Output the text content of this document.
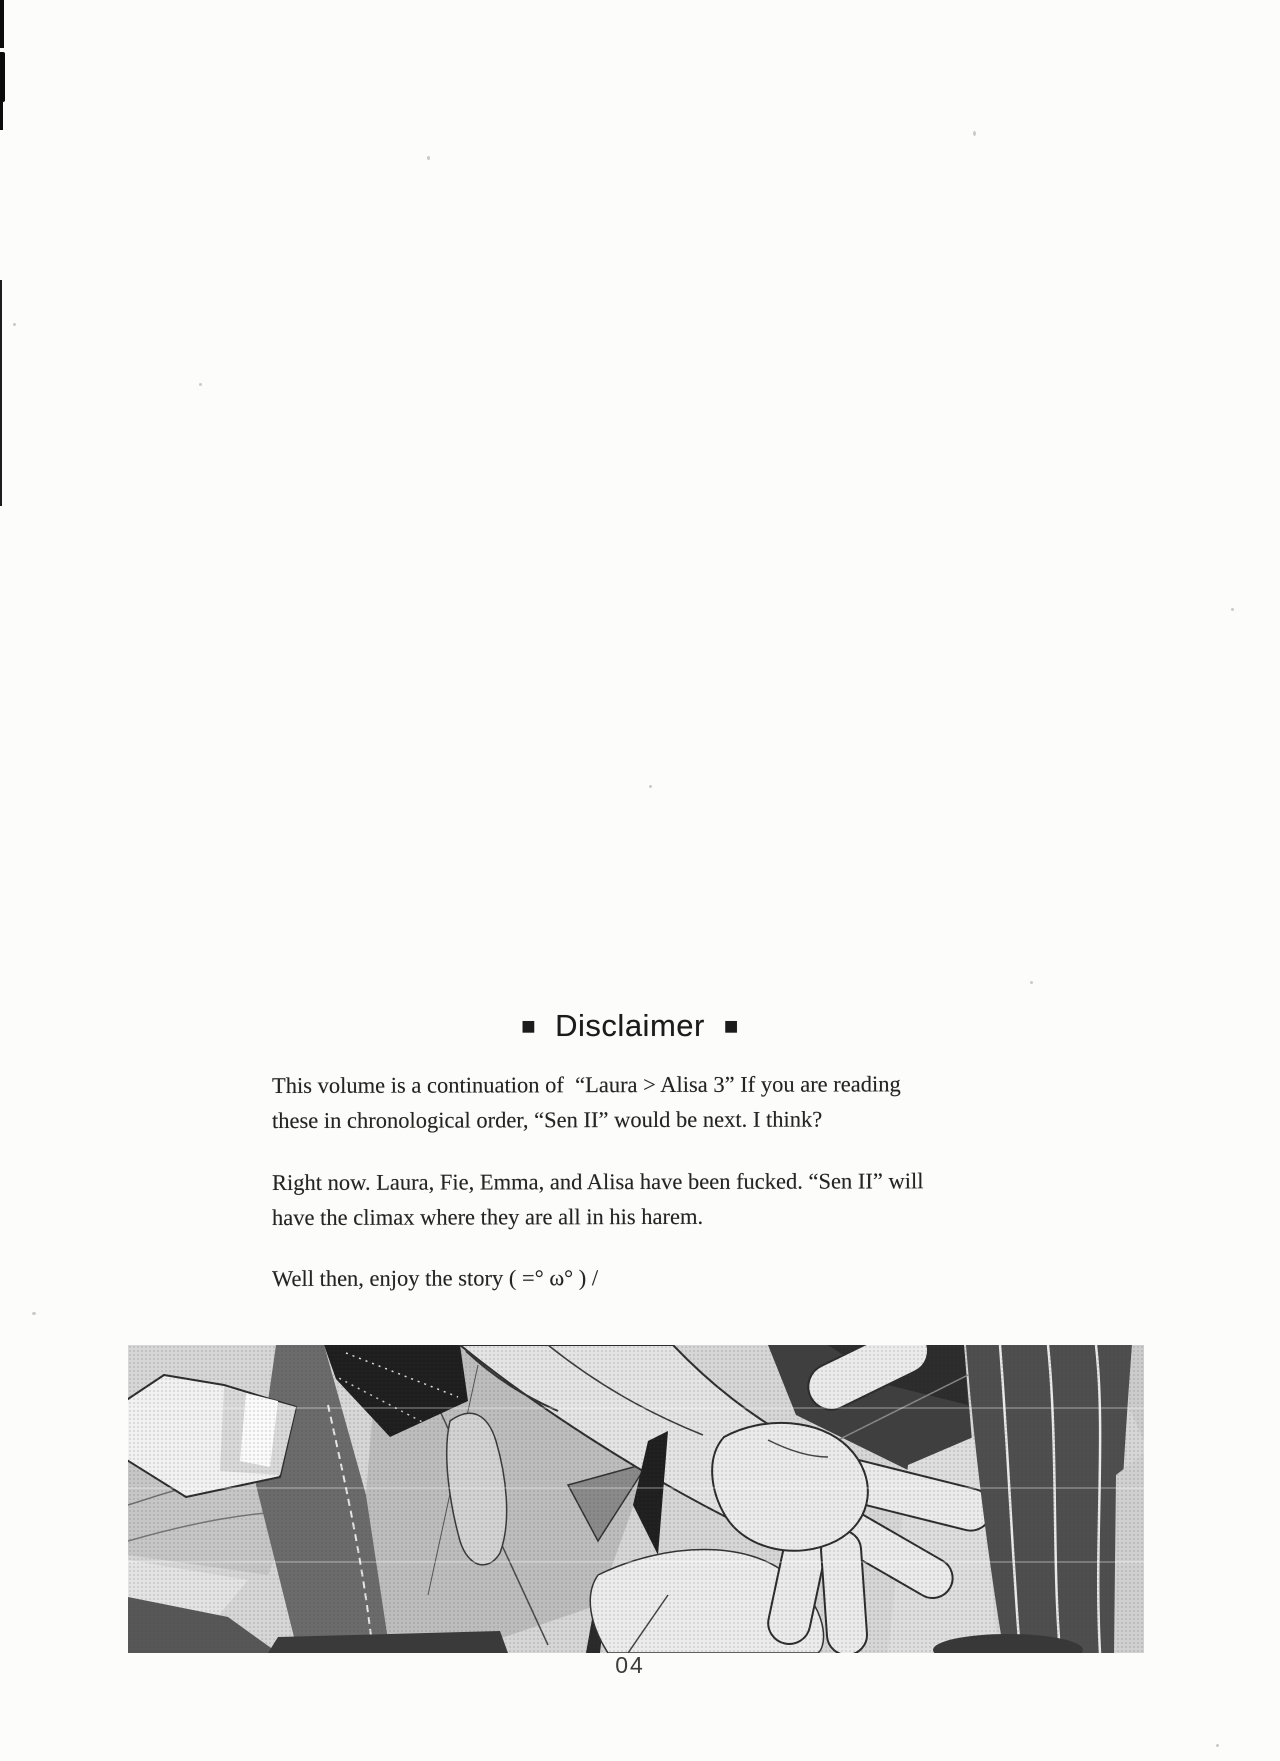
■ Disclaimer ■
This volume is a continuation of  “Laura > Alisa 3” If you are reading
these in chronological order, “Sen II” would be next. I think?
Right now. Laura, Fie, Emma, and Alisa have been fucked. “Sen II” will
have the climax where they are all in his harem.
Well then, enjoy the story ( =° ω° ) /
04
